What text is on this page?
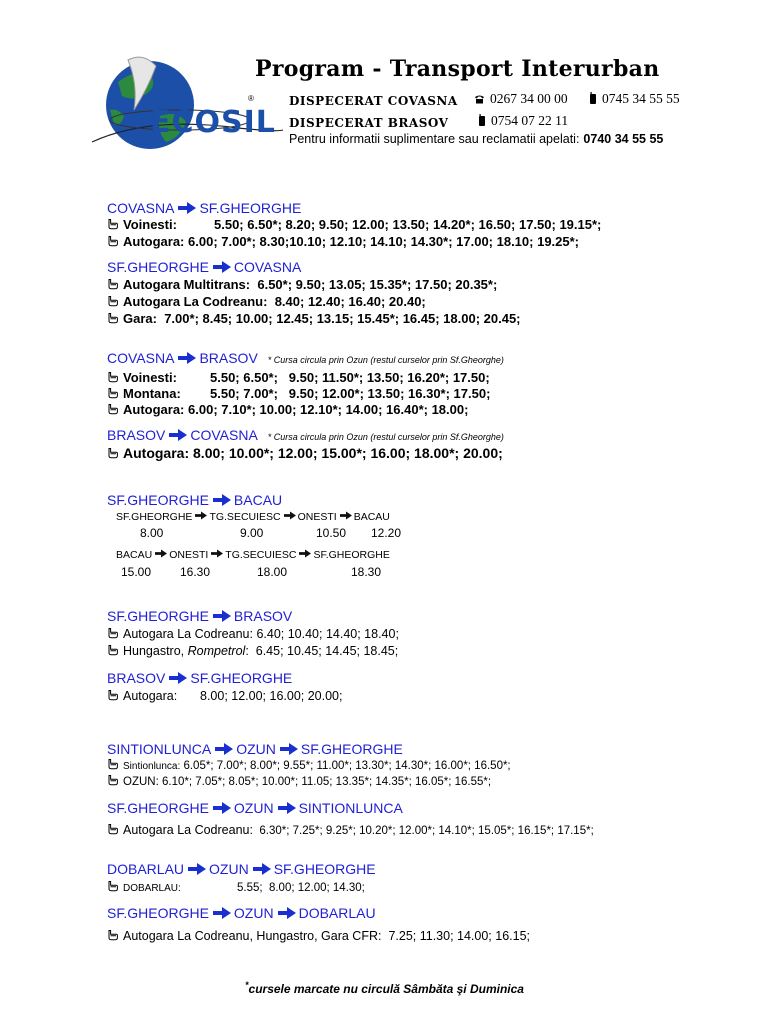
ECOSIL
®
Program - Transport Interurban
DISPECERAT COVASNA	0267 34 00 00	0745 34 55 55
DISPECERAT BRASOV	0754 07 22 11
Pentru informatii suplimentare sau reclamatii apelati: 0740 34 55 55
COVASNA SF.GHEORGHE
Voinesti:	5.50; 6.50*; 8.20; 9.50; 12.00; 13.50; 14.20*; 16.50; 17.50; 19.15*;
Autogara: 6.00; 7.00*; 8.30;10.10; 12.10; 14.10; 14.30*; 17.00; 18.10; 19.25*;
SF.GHEORGHE COVASNA
Autogara Multitrans: 6.50*; 9.50; 13.05; 15.35*; 17.50; 20.35*;
Autogara La Codreanu: 8.40; 12.40; 16.40; 20.40;
Gara: 7.00*; 8.45; 10.00; 12.45; 13.15; 15.45*; 16.45; 18.00; 20.45;
COVASNA BRASOV * Cursa circula prin Ozun (restul curselor prin Sf.Gheorghe)
Voinesti:	5.50; 6.50*;   9.50; 11.50*; 13.50; 16.20*; 17.50;
Montana: 5.50; 7.00*;   9.50; 12.00*; 13.50; 16.30*; 17.50;
Autogara: 6.00; 7.10*; 10.00; 12.10*; 14.00; 16.40*; 18.00;
BRASOV COVASNA * Cursa circula prin Ozun (restul curselor prin Sf.Gheorghe)
Autogara: 8.00; 10.00*; 12.00; 15.00*; 16.00; 18.00*; 20.00;
SF.GHEORGHE BACAU
SF.GHEORGHE TG.SECUIESC ONESTI BACAU
8.00	9.00	10.50 12.20
BACAU ONESTI TG.SECUIESC SF.GHEORGHE
15.00 16.30	18.00	18.30
SF.GHEORGHE BRASOV
Autogara La Codreanu: 6.40; 10.40; 14.40; 18.40;
Hungastro, Rompetrol: 6.45; 10.45; 14.45; 18.45;
BRASOV SF.GHEORGHE
Autogara: 8.00; 12.00; 16.00; 20.00;
SINTIONLUNCA OZUN SF.GHEORGHE
Sintionlunca: 6.05*; 7.00*; 8.00*; 9.55*; 11.00*; 13.30*; 14.30*; 16.00*; 16.50*;
OZUN: 6.10*; 7.05*; 8.05*; 10.00*; 11.05; 13.35*; 14.35*; 16.05*; 16.55*;
SF.GHEORGHE OZUN SINTIONLUNCA
Autogara La Codreanu: 6.30*; 7.25*; 9.25*; 10.20*; 12.00*; 14.10*; 15.05*; 16.15*; 17.15*;
DOBARLAU OZUN SF.GHEORGHE
DOBARLAU:	5.55;  8.00; 12.00; 14.30;
SF.GHEORGHE OZUN DOBARLAU
Autogara La Codreanu, Hungastro, Gara CFR: 7.25; 11.30; 14.00; 16.15;
*cursele marcate nu circulă Sâmbăta şi Duminica
